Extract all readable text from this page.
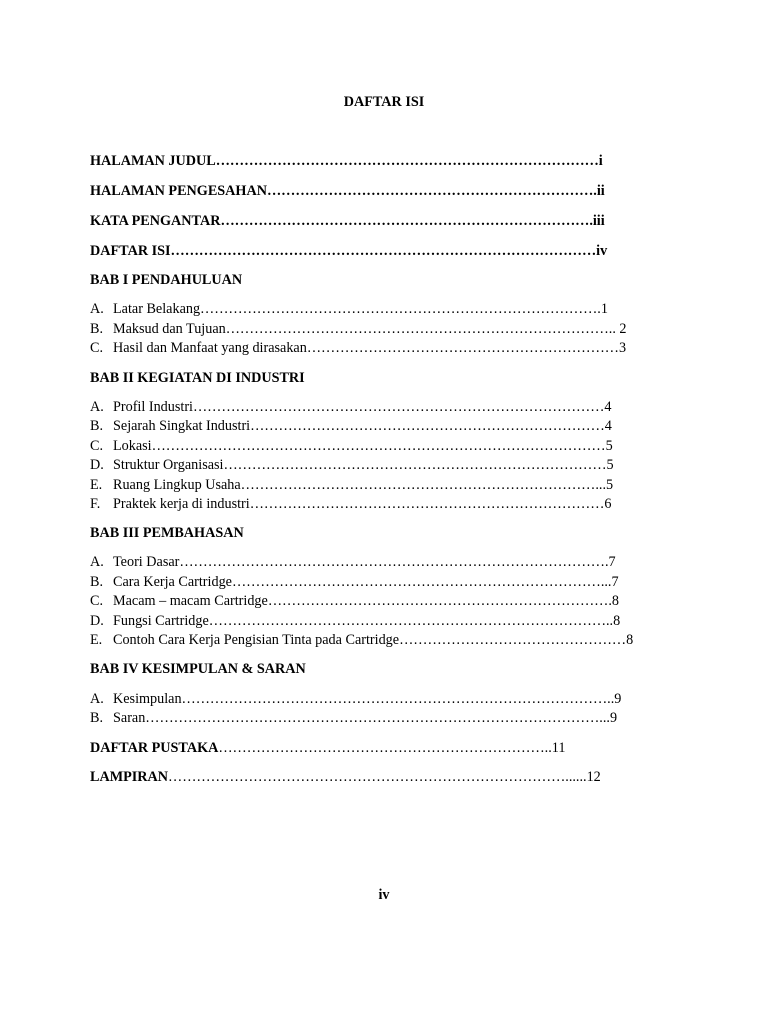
DAFTAR ISI
HALAMAN JUDUL………………………………………………………………………i
HALAMAN PENGESAHAN…………………………………………………………….ii
KATA PENGANTAR…………………………………………………………………….iii
DAFTAR ISI………………………………………………………………………………iv
BAB I PENDAHULUAN
A. Latar Belakang………………………………………………………………………….1
B. Maksud dan Tujuan……………………………………………………………………….. 2
C. Hasil dan Manfaat yang dirasakan…………………………………………………………3
BAB II KEGIATAN DI INDUSTRI
A. Profil Industri……………………………………………………………………………4
B. Sejarah Singkat Industri…………………………………………………………………4
C. Lokasi……………………………………………………………………………………5
D. Struktur Organisasi………………………………………………………………………5
E. Ruang Lingkup Usaha…………………………………………………………………...5
F. Praktek kerja di industri…………………………………………………………………6
BAB III PEMBAHASAN
A. Teori Dasar……………………………………………………………………………….7
B. Cara Kerja Cartridge……………………………………………………………………...7
C. Macam – macam Cartridge……………………………………………………………….8
D. Fungsi Cartridge…………………………………………………………………………..8
E. Contoh Cara Kerja Pengisian Tinta pada Cartridge…………………………………………8
BAB IV KESIMPULAN & SARAN
A. Kesimpulan………………………………………………………………………………..9
B. Saran……………………………………………………………………………………...9
DAFTAR PUSTAKA……………………………………………………………..11
LAMPIRAN…………………………………………………………………………......12
iv
